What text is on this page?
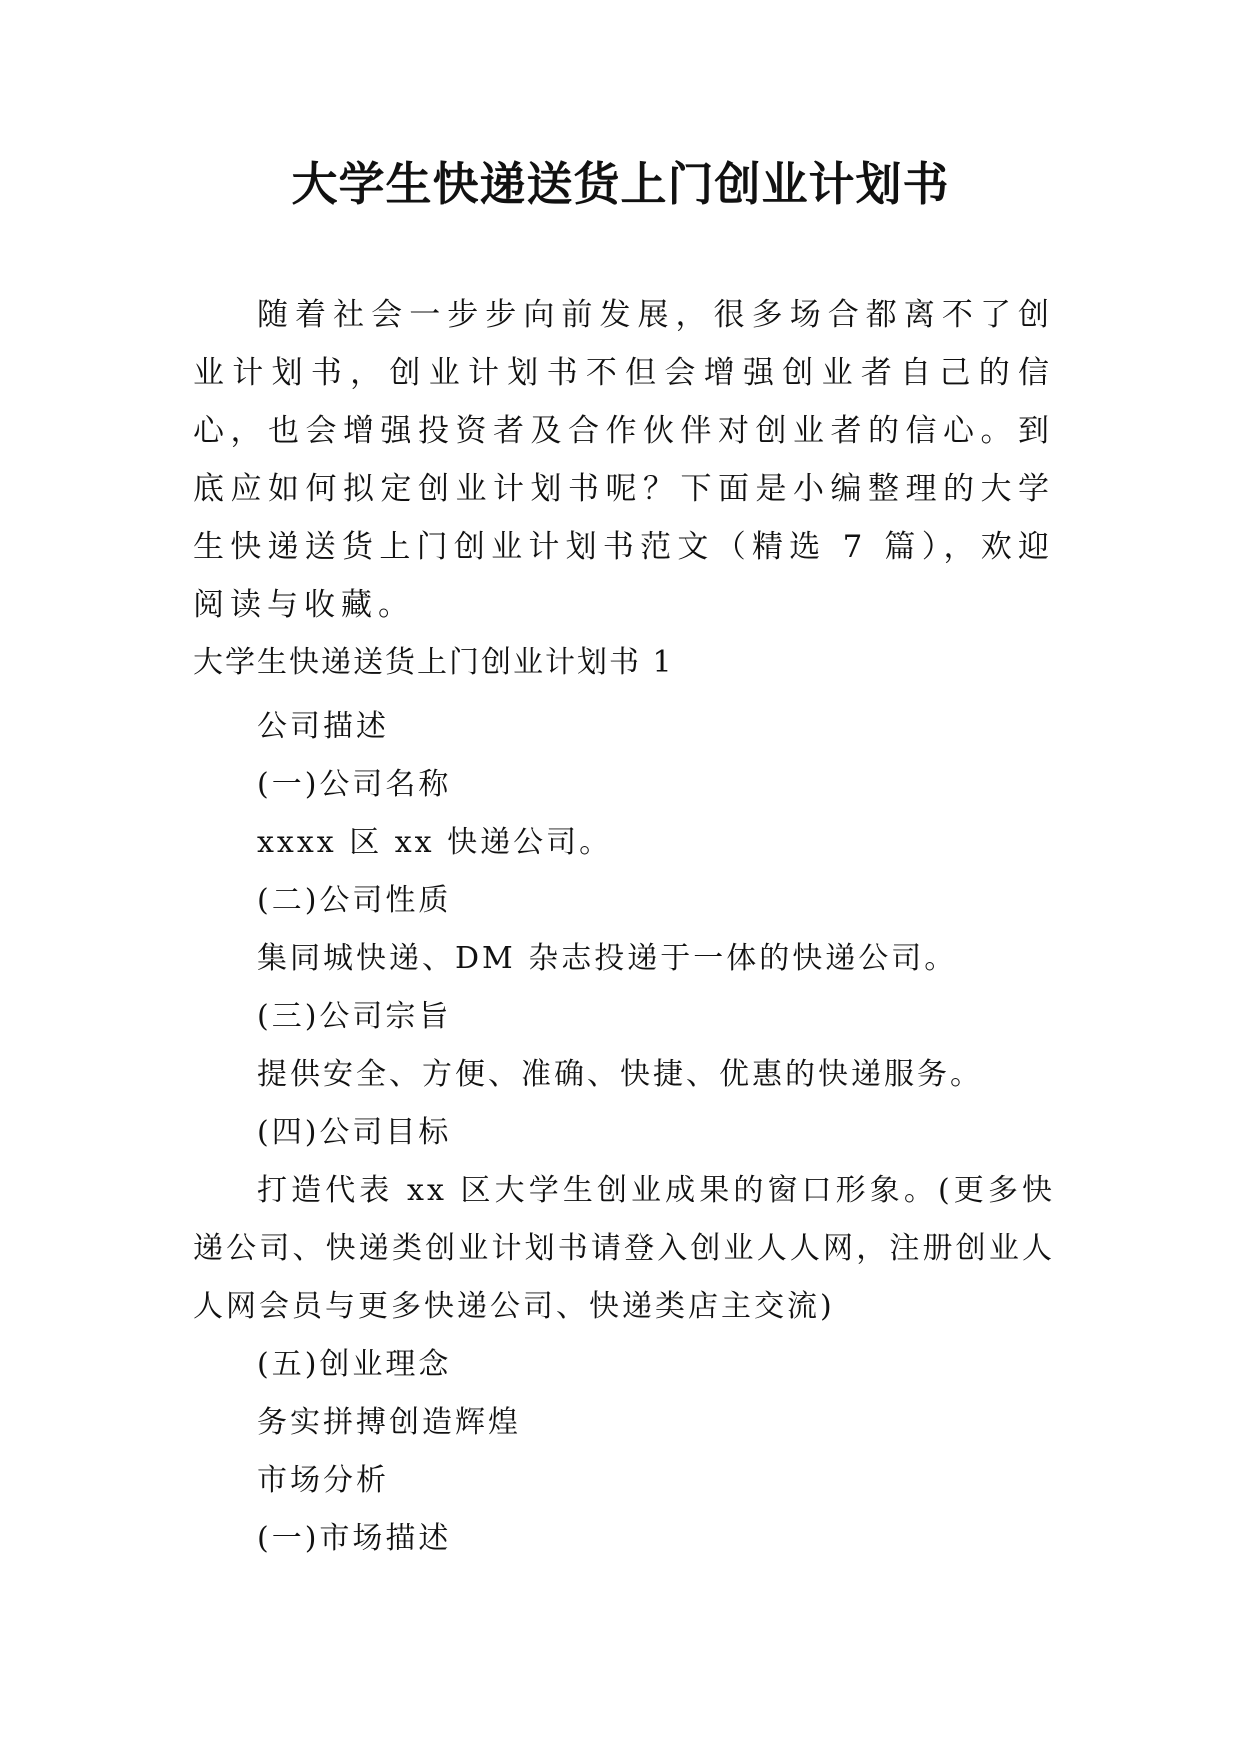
大学生快递送货上门创业计划书

随着社会一步步向前发展，很多场合都离不了创业计划书，创业计划书不但会增强创业者自己的信心，也会增强投资者及合作伙伴对创业者的信心。到底应如何拟定创业计划书呢？下面是小编整理的大学生快递送货上门创业计划书范文（精选 7 篇），欢迎阅读与收藏。

大学生快递送货上门创业计划书 1

公司描述

(一)公司名称

xxxx 区 xx 快递公司。

(二)公司性质

集同城快递、DM 杂志投递于一体的快递公司。

(三)公司宗旨

提供安全、方便、准确、快捷、优惠的快递服务。

(四)公司目标

打造代表 xx 区大学生创业成果的窗口形象。(更多快递公司、快递类创业计划书请登入创业人人网，注册创业人人网会员与更多快递公司、快递类店主交流)

(五)创业理念

务实拼搏创造辉煌

市场分析

(一)市场描述
